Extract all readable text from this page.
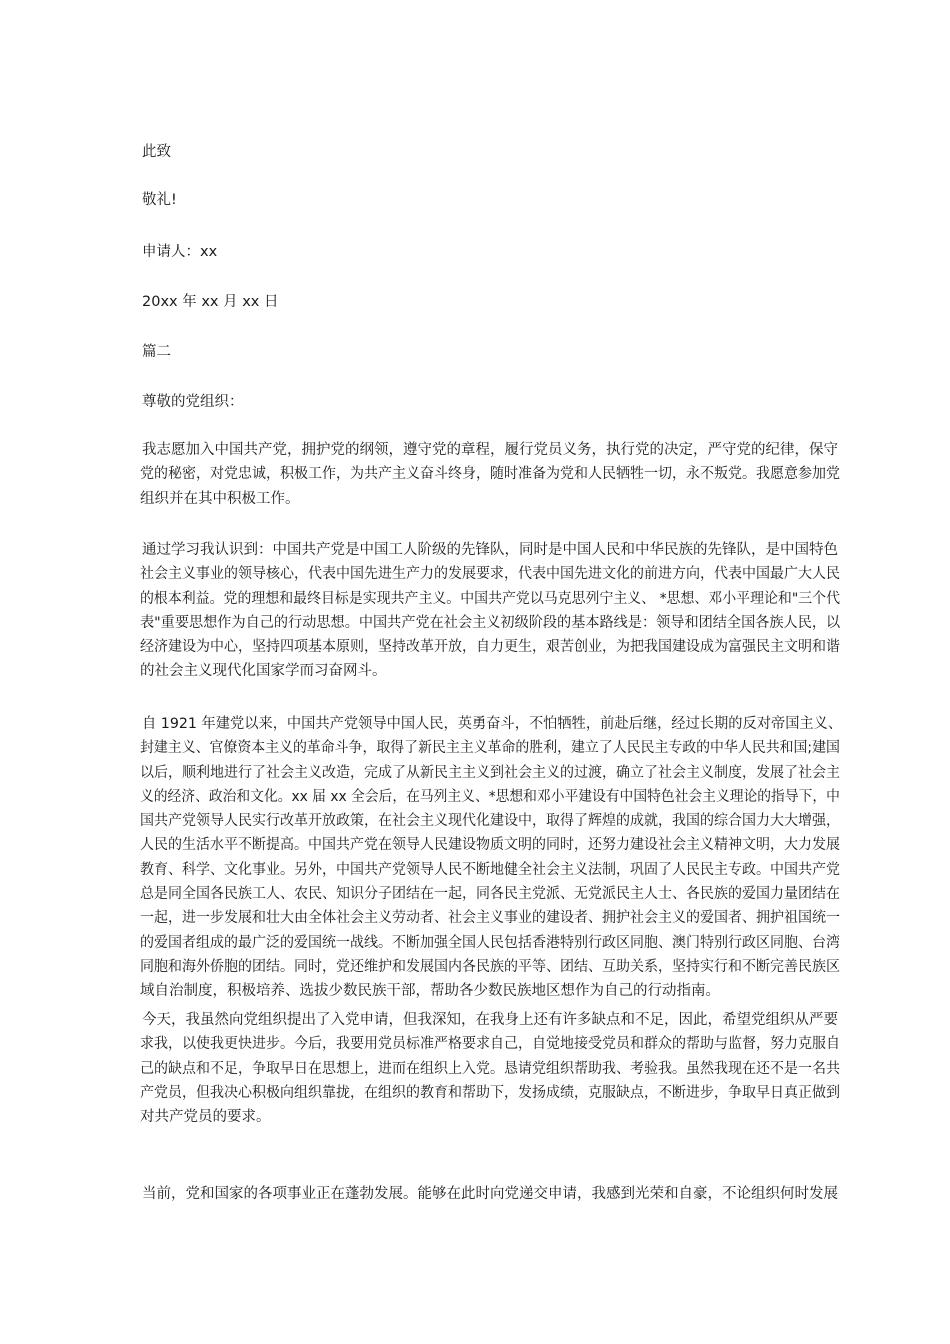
此致
敬礼!
申请人：xx
20xx 年 xx 月 xx 日
篇二
尊敬的党组织：
我志愿加入中国共产党，拥护党的纲领，遵守党的章程，履行党员义务，执行党的决定，严守党的纪律，保守
党的秘密，对党忠诚，积极工作，为共产主义奋斗终身，随时准备为党和人民牺牲一切，永不叛党。我愿意参加党
组织并在其中积极工作。
通过学习我认识到：中国共产党是中国工人阶级的先锋队，同时是中国人民和中华民族的先锋队，是中国特色
社会主义事业的领导核心，代表中国先进生产力的发展要求，代表中国先进文化的前进方向，代表中国最广大人民
的根本利益。党的理想和最终目标是实现共产主义。中国共产党以马克思列宁主义、 *思想、邓小平理论和"三个代
表"重要思想作为自己的行动思想。中国共产党在社会主义初级阶段的基本路线是：领导和团结全国各族人民，以
经济建设为中心，坚持四项基本原则，坚持改革开放，自力更生，艰苦创业，为把我国建设成为富强民主文明和谐
的社会主义现代化国家学而习奋网斗。
自 1921 年建党以来，中国共产党领导中国人民，英勇奋斗，不怕牺牲，前赴后继，经过长期的反对帝国主义、
封建主义、官僚资本主义的革命斗争，取得了新民主主义革命的胜利，建立了人民民主专政的中华人民共和国;建国
以后，顺利地进行了社会主义改造，完成了从新民主主义到社会主义的过渡，确立了社会主义制度，发展了社会主
义的经济、政治和文化。xx 届 xx 全会后，在马列主义、*思想和邓小平建设有中国特色社会主义理论的指导下，中
国共产党领导人民实行改革开放政策，在社会主义现代化建设中，取得了辉煌的成就，我国的综合国力大大增强，
人民的生活水平不断提高。中国共产党在领导人民建设物质文明的同时，还努力建设社会主义精神文明，大力发展
教育、科学、文化事业。另外，中国共产党领导人民不断地健全社会主义法制，巩固了人民民主专政。中国共产党
总是同全国各民族工人、农民、知识分子团结在一起，同各民主党派、无党派民主人士、各民族的爱国力量团结在
一起，进一步发展和壮大由全体社会主义劳动者、社会主义事业的建设者、拥护社会主义的爱国者、拥护祖国统一
的爱国者组成的最广泛的爱国统一战线。不断加强全国人民包括香港特别行政区同胞、澳门特别行政区同胞、台湾
同胞和海外侨胞的团结。同时，党还维护和发展国内各民族的平等、团结、互助关系，坚持实行和不断完善民族区
域自治制度，积极培养、选拔少数民族干部，帮助各少数民族地区想作为自己的行动指南。
今天，我虽然向党组织提出了入党申请，但我深知，在我身上还有许多缺点和不足，因此，希望党组织从严要
求我，以使我更快进步。今后，我要用党员标准严格要求自己，自觉地接受党员和群众的帮助与监督，努力克服自
己的缺点和不足，争取早日在思想上，进而在组织上入党。恳请党组织帮助我、考验我。虽然我现在还不是一名共
产党员，但我决心积极向组织靠拢，在组织的教育和帮助下，发扬成绩，克服缺点，不断进步，争取早日真正做到
对共产党员的要求。
当前，党和国家的各项事业正在蓬勃发展。能够在此时向党递交申请，我感到光荣和自豪，不论组织何时发展
